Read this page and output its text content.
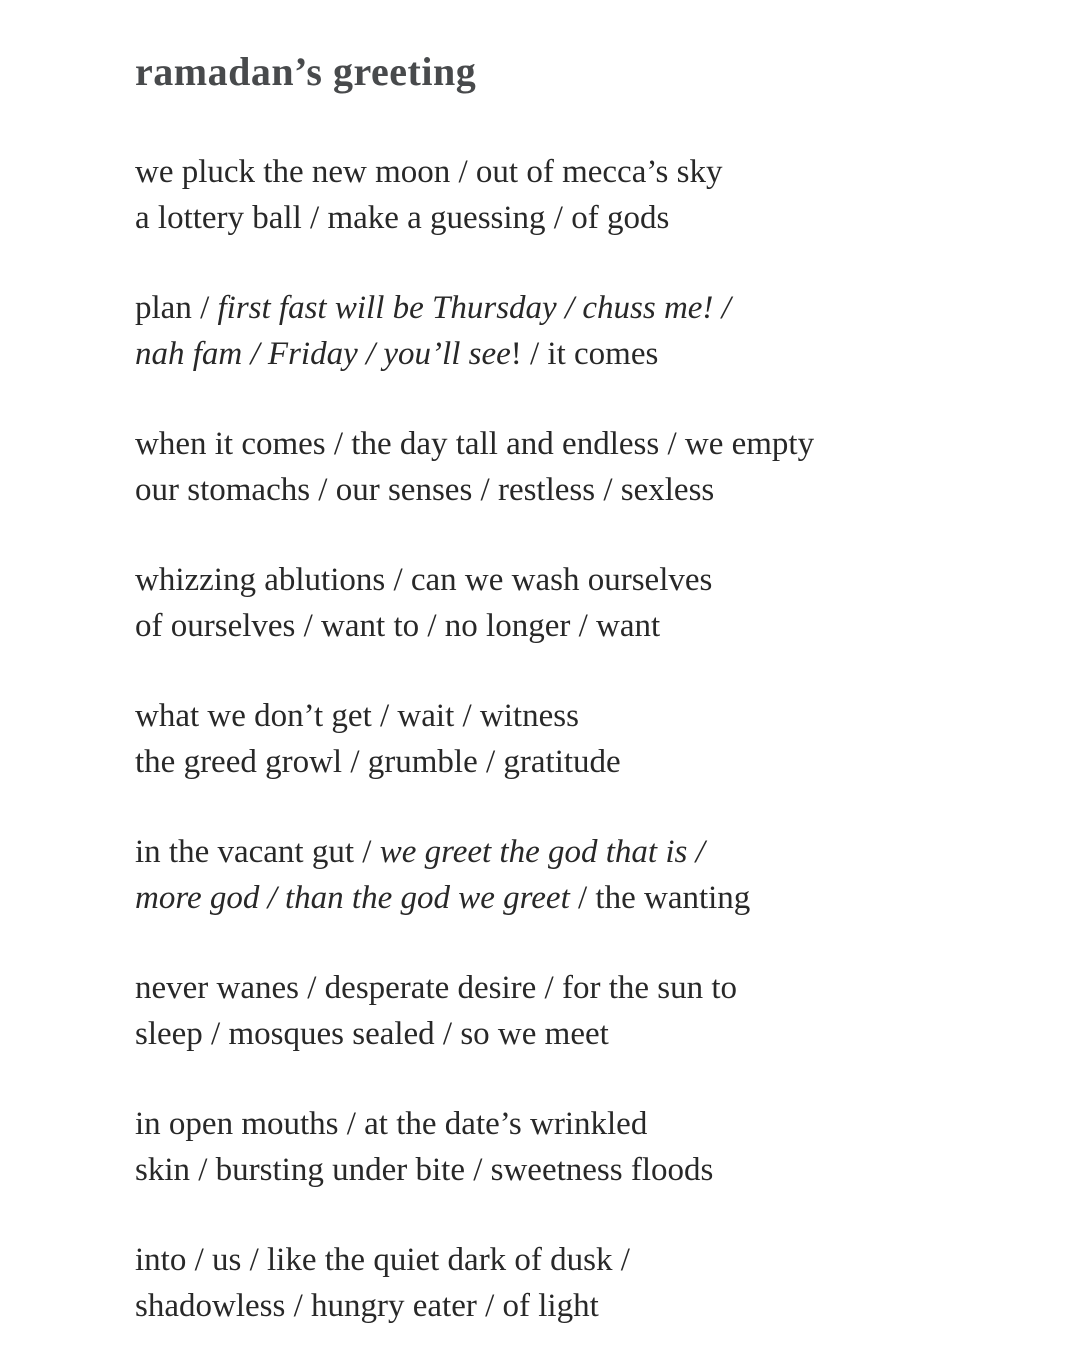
ramadan’s greeting
we pluck the new moon / out of mecca’s sky
a lottery ball / make a guessing / of gods
plan / first fast will be Thursday / chuss me! /
nah fam / Friday / you’ll see! / it comes
when it comes / the day tall and endless / we empty
our stomachs / our senses / restless / sexless
whizzing ablutions / can we wash ourselves
of ourselves / want to / no longer / want
what we don’t get / wait / witness
the greed growl / grumble / gratitude
in the vacant gut / we greet the god that is /
more god / than the god we greet / the wanting
never wanes / desperate desire / for the sun to
sleep / mosques sealed / so we meet
in open mouths / at the date’s wrinkled
skin / bursting under bite / sweetness floods
into / us / like the quiet dark of dusk /
shadowless / hungry eater / of light
